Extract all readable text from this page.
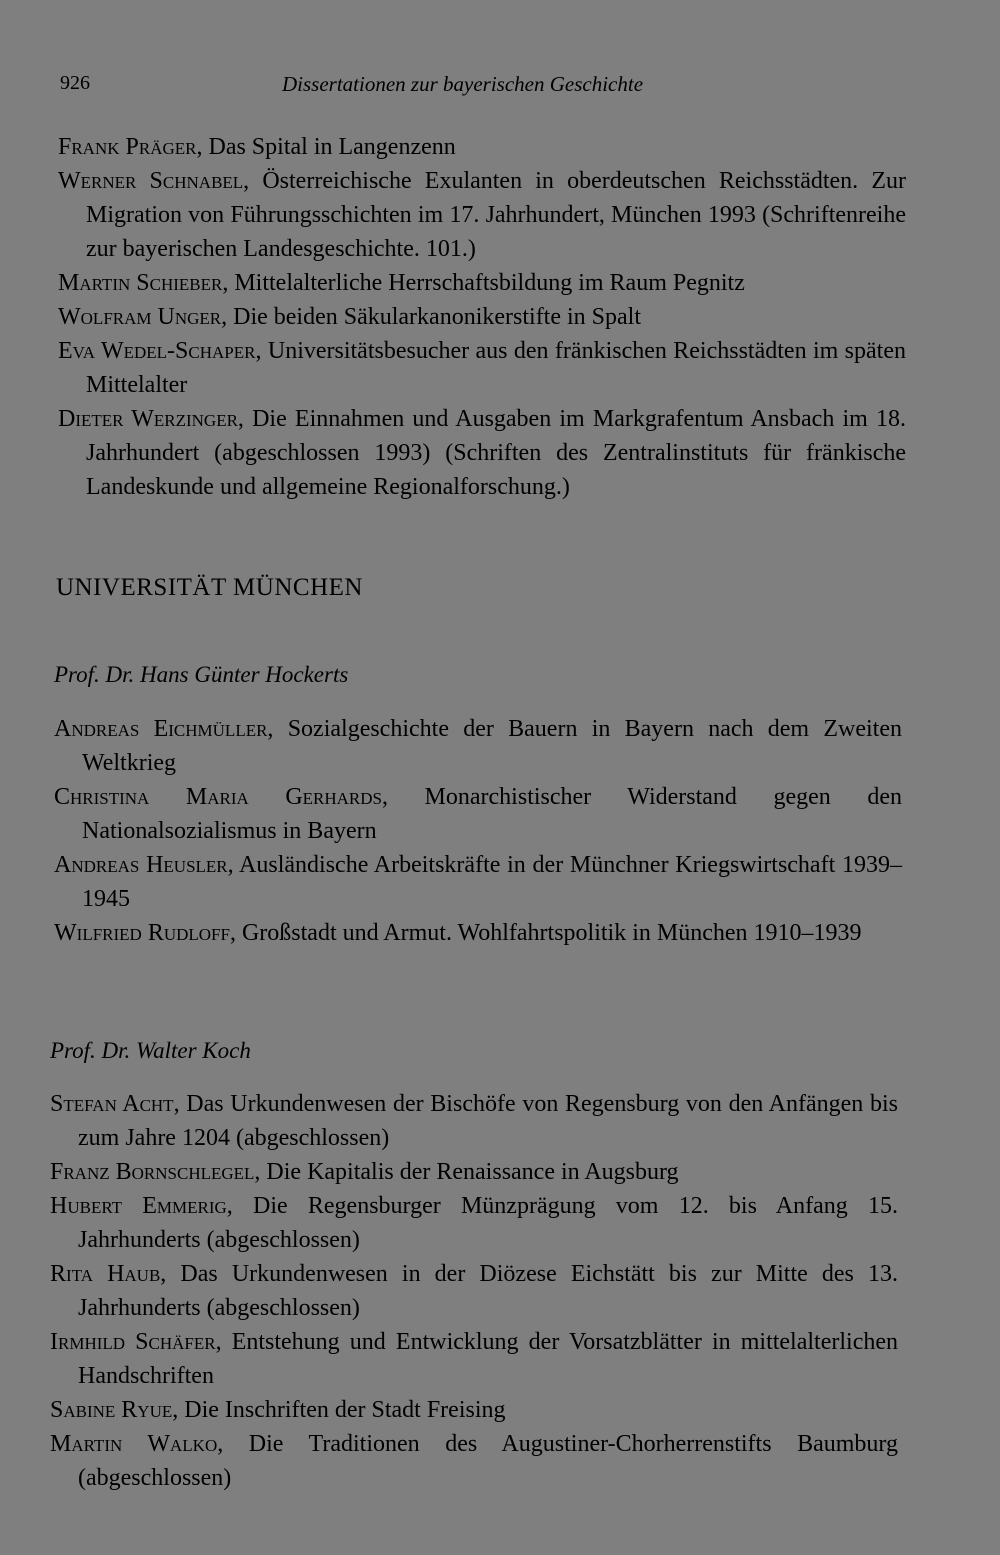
926	Dissertationen zur bayerischen Geschichte
Frank Präger, Das Spital in Langenzenn
Werner Schnabel, Österreichische Exulanten in oberdeutschen Reichsstädten. Zur Migration von Führungsschichten im 17. Jahrhundert, München 1993 (Schriftenreihe zur bayerischen Landesgeschichte. 101.)
Martin Schieber, Mittelalterliche Herrschaftsbildung im Raum Pegnitz
Wolfram Unger, Die beiden Säkularkanonikerstifte in Spalt
Eva Wedel-Schaper, Universitätsbesucher aus den fränkischen Reichsstädten im späten Mittelalter
Dieter Werzinger, Die Einnahmen und Ausgaben im Markgrafentum Ansbach im 18. Jahrhundert (abgeschlossen 1993) (Schriften des Zentralinstituts für fränkische Landeskunde und allgemeine Regionalforschung.)
UNIVERSITÄT MÜNCHEN
Prof. Dr. Hans Günter Hockerts
Andreas Eichmüller, Sozialgeschichte der Bauern in Bayern nach dem Zweiten Weltkrieg
Christina Maria Gerhards, Monarchistischer Widerstand gegen den Nationalsozialismus in Bayern
Andreas Heusler, Ausländische Arbeitskräfte in der Münchner Kriegswirtschaft 1939–1945
Wilfried Rudloff, Großstadt und Armut. Wohlfahrtspolitik in München 1910–1939
Prof. Dr. Walter Koch
Stefan Acht, Das Urkundenwesen der Bischöfe von Regensburg von den Anfängen bis zum Jahre 1204 (abgeschlossen)
Franz Bornschlegel, Die Kapitalis der Renaissance in Augsburg
Hubert Emmerig, Die Regensburger Münzprägung vom 12. bis Anfang 15. Jahrhunderts (abgeschlossen)
Rita Haub, Das Urkundenwesen in der Diözese Eichstätt bis zur Mitte des 13. Jahrhunderts (abgeschlossen)
Irmhild Schäfer, Entstehung und Entwicklung der Vorsatzblätter in mittelalterlichen Handschriften
Sabine Ryue, Die Inschriften der Stadt Freising
Martin Walko, Die Traditionen des Augustiner-Chorherrenstifts Baumburg (abgeschlossen)
